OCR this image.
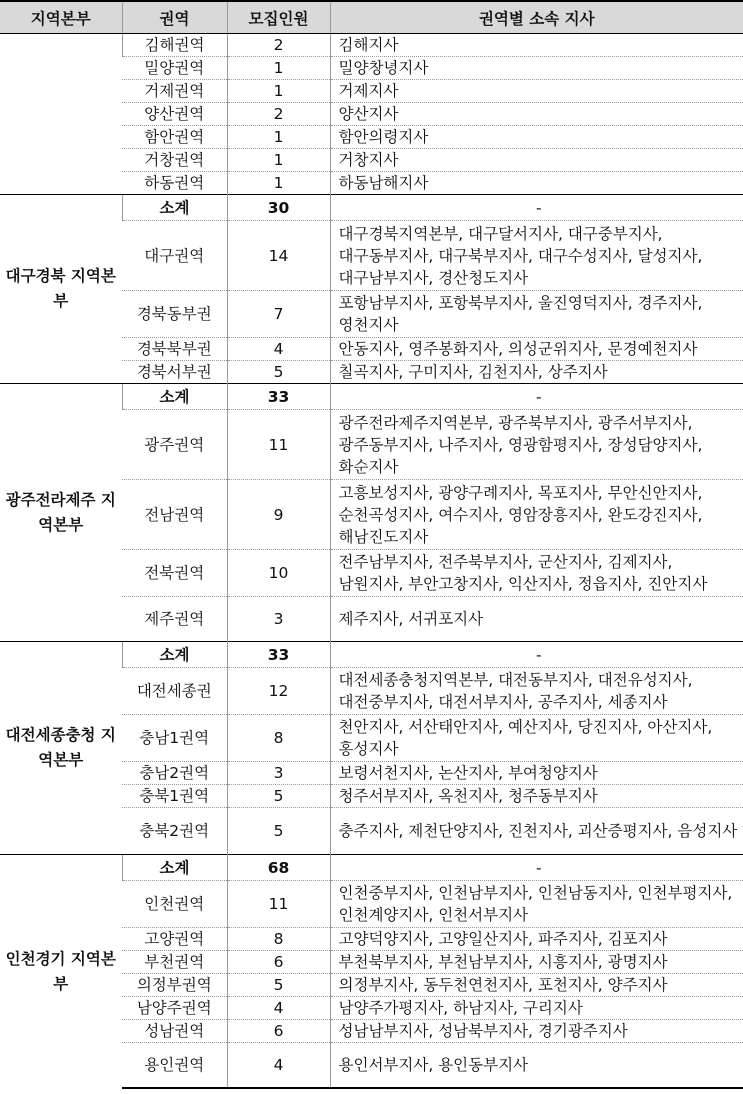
지역본부	권역	모집인원	권역별 소속 지사
	김해권역	2	김해지사
	밀양권역	1	밀양창녕지사
	거제권역	1	거제지사
	양산권역	2	양산지사
	함안권역	1	함안의령지사
	거창권역	1	거창지사
	하동권역	1	하동남해지사
대구경북 지역본부	소계	30	-
	대구권역	14	대구경북지역본부, 대구달서지사, 대구중부지사, 대구동부지사, 대구북부지사, 대구수성지사, 달성지사, 대구남부지사, 경산청도지사
	경북동부권	7	포항남부지사, 포항북부지사, 울진영덕지사, 경주지사, 영천지사
	경북북부권	4	안동지사, 영주봉화지사, 의성군위지사, 문경예천지사
	경북서부권	5	칠곡지사, 구미지사, 김천지사, 상주지사
광주전라제주 지역본부	소계	33	-
	광주권역	11	광주전라제주지역본부, 광주북부지사, 광주서부지사, 광주동부지사, 나주지사, 영광함평지사, 장성담양지사, 화순지사
	전남권역	9	고흥보성지사, 광양구례지사, 목포지사, 무안신안지사, 순천곡성지사, 여수지사, 영암장흥지사, 완도강진지사, 해남진도지사
	전북권역	10	전주남부지사, 전주북부지사, 군산지사, 김제지사, 남원지사, 부안고창지사, 익산지사, 정읍지사, 진안지사
	제주권역	3	제주지사, 서귀포지사
대전세종충청 지역본부	소계	33	-
	대전세종권	12	대전세종충청지역본부, 대전동부지사, 대전유성지사, 대전중부지사, 대전서부지사, 공주지사, 세종지사
	충남1권역	8	천안지사, 서산태안지사, 예산지사, 당진지사, 아산지사, 홍성지사
	충남2권역	3	보령서천지사, 논산지사, 부여청양지사
	충북1권역	5	청주서부지사, 옥천지사, 청주동부지사
	충북2권역	5	충주지사, 제천단양지사, 진천지사, 괴산증평지사, 음성지사
인천경기 지역본부	소계	68	-
	인천권역	11	인천중부지사, 인천남부지사, 인천남동지사, 인천부평지사, 인천계양지사, 인천서부지사
	고양권역	8	고양덕양지사, 고양일산지사, 파주지사, 김포지사
	부천권역	6	부천북부지사, 부천남부지사, 시흥지사, 광명지사
	의정부권역	5	의정부지사, 동두천연천지사, 포천지사, 양주지사
	남양주권역	4	남양주가평지사, 하남지사, 구리지사
	성남권역	6	성남남부지사, 성남북부지사, 경기광주지사
	용인권역	4	용인서부지사, 용인동부지사
